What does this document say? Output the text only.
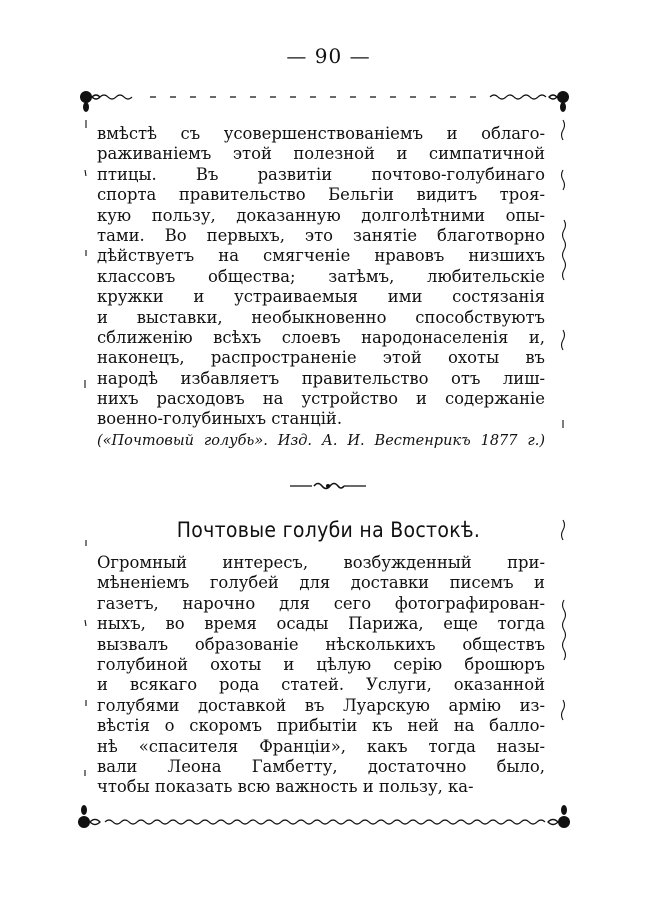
— 90 —
вмѣстѣ съ усовершенствованіемъ и облаго-
раживаніемъ этой полезной и симпатичной
птицы. Въ развитіи почтово-голубинаго
спорта правительство Бельгіи видитъ троя-
кую пользу, доказанную долголѣтними опы-
тами. Во первыхъ, это занятіе благотворно
дѣйствуетъ на смягченіе нравовъ низшихъ
классовъ общества; затѣмъ, любительскіе
кружки и устраиваемыя ими состязанія
и выставки, необыкновенно способствуютъ
сближенію всѣхъ слоевъ народонаселенія и,
наконецъ, распространеніе этой охоты въ
народѣ избавляетъ правительство отъ лиш-
нихъ расходовъ на устройство и содержаніе
военно-голубиныхъ станцій.
(«Почтовый голубь». Изд. А. И. Вестенрикъ 1877 г.)
Почтовые голуби на Востокѣ.
Огромный интересъ, возбужденный при-
мѣненіемъ голубей для доставки писемъ и
газетъ, нарочно для сего фотографирован-
ныхъ, во время осады Парижа, еще тогда
вызвалъ образованіе нѣсколькихъ обществъ
голубиной охоты и цѣлую серію брошюръ
и всякаго рода статей. Услуги, оказанной
голубями доставкой въ Луарскую армію из-
вѣстія о скоромъ прибытіи къ ней на балло-
нѣ «спасителя Франціи», какъ тогда назы-
вали Леона Гамбетту, достаточно было,
чтобы показать всю важность и пользу, ка-
